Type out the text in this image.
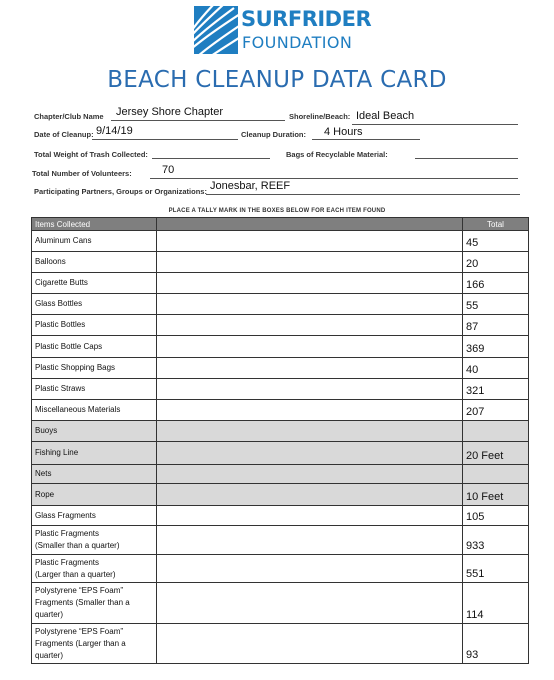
SURFRIDER
FOUNDATION
BEACH CLEANUP DATA CARD
Chapter/Club Name Jersey Shore Chapter	Shoreline/Beach: Ideal Beach
Date of Cleanup: 9/14/19	Cleanup Duration: 4 Hours
Total Weight of Trash Collected:	Bags of Recyclable Material:
Total Number of Volunteers:	70
Participating Partners, Groups or Organizations: Jonesbar, REEF
PLACE A TALLY MARK IN THE BOXES BELOW FOR EACH ITEM FOUND
Items Collected		Total
Aluminum Cans		45
Balloons		20
Cigarette Butts		166
Glass Bottles		55
Plastic Bottles		87
Plastic Bottle Caps		369
Plastic Shopping Bags		40
Plastic Straws		321
Miscellaneous Materials		207
Buoys		
Fishing Line		20 Feet
Nets		
Rope		10 Feet
Glass Fragments		105
Plastic Fragments
(Smaller than a quarter)		933
Plastic Fragments
(Larger than a quarter)		551
Polystyrene “EPS Foam”
Fragments (Smaller than a
quarter)		114
Polystyrene “EPS Foam”
Fragments (Larger than a
quarter)		93
